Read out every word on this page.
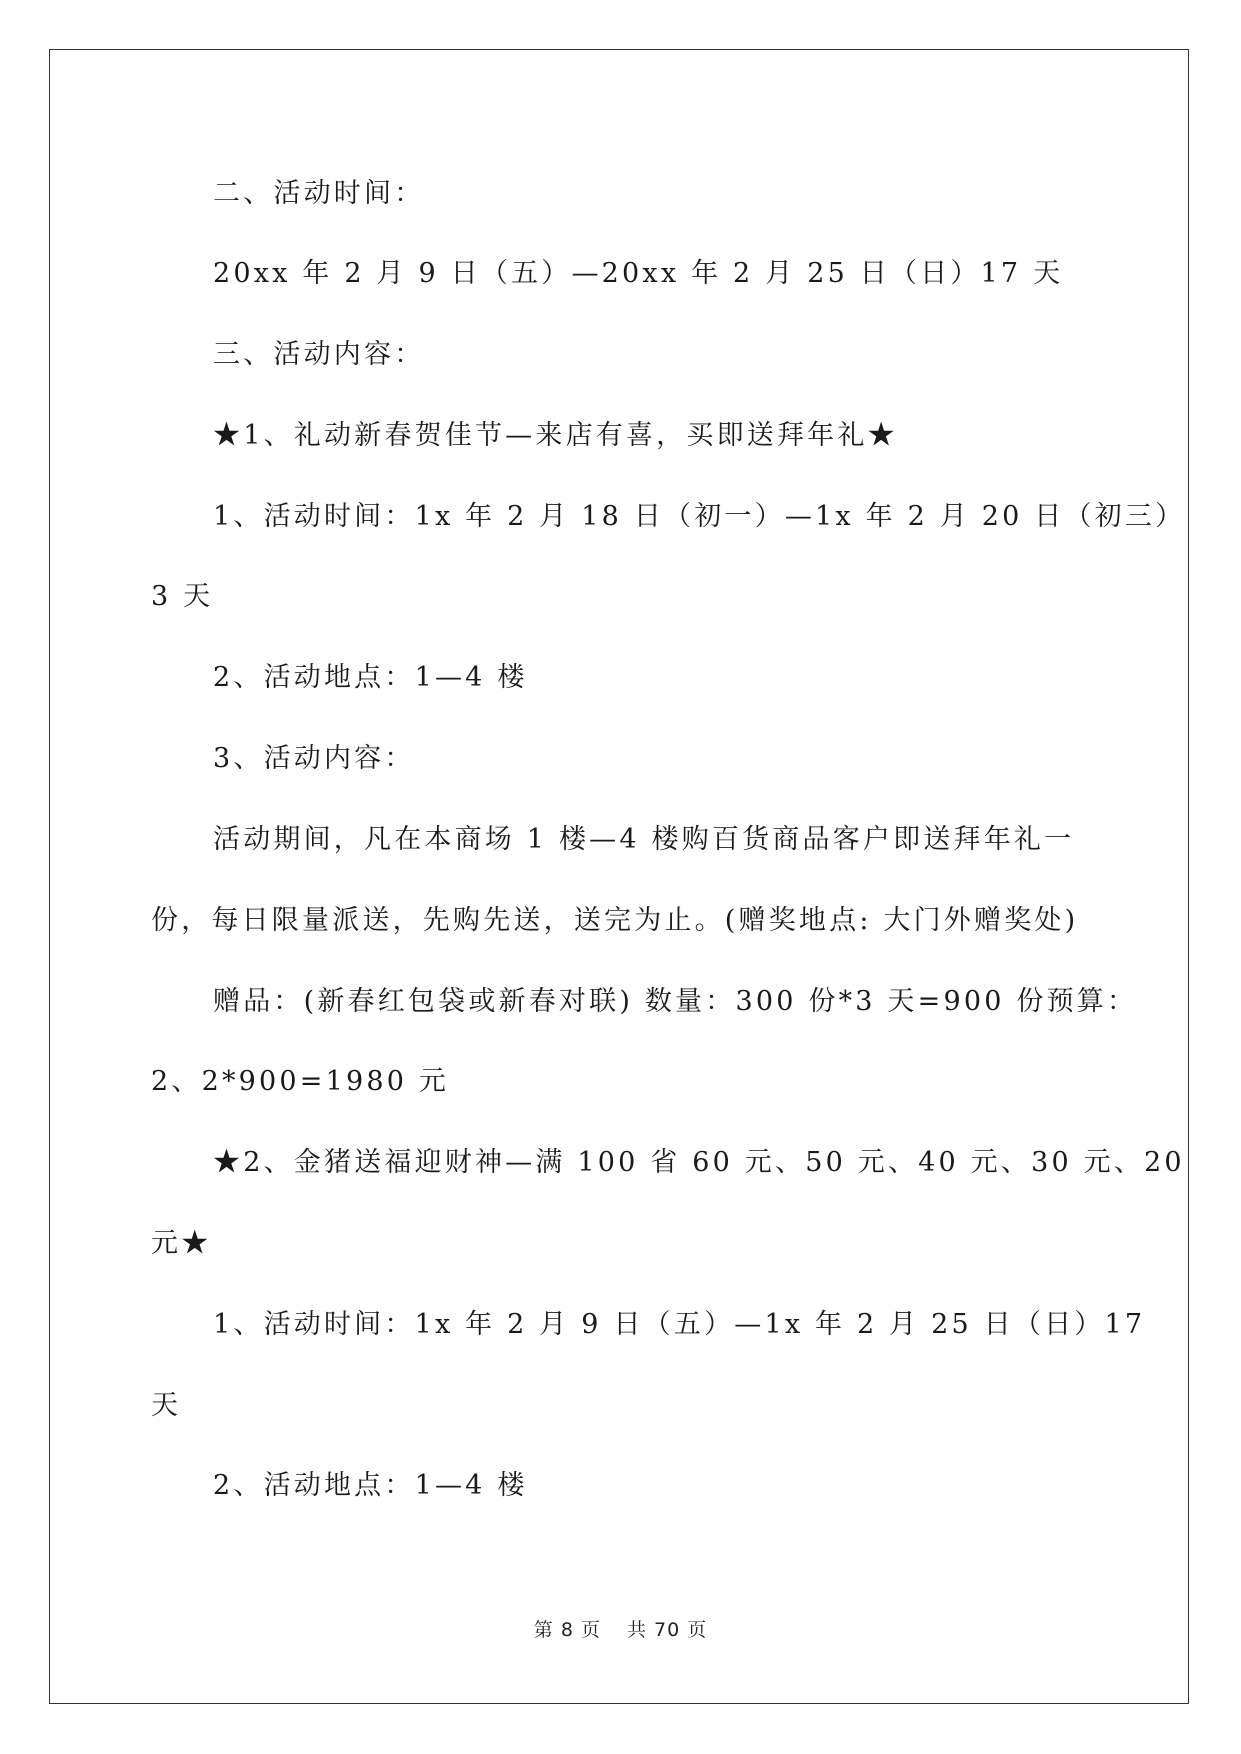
二、活动时间：
20xx 年 2 月 9 日（五）—20xx 年 2 月 25 日（日）17 天
三、活动内容：
★1、礼动新春贺佳节—来店有喜，买即送拜年礼★
1、活动时间：1x 年 2 月 18 日（初一）—1x 年 2 月 20 日（初三）
3 天
2、活动地点：1—4 楼
3、活动内容：
活动期间，凡在本商场 1 楼—4 楼购百货商品客户即送拜年礼一
份，每日限量派送，先购先送，送完为止。(赠奖地点: 大门外赠奖处)
赠品：(新春红包袋或新春对联) 数量：300 份*3 天=900 份预算：
2、2*900=1980 元
★2、金猪送福迎财神—满 100 省 60 元、50 元、40 元、30 元、20
元★
1、活动时间：1x 年 2 月 9 日（五）—1x 年 2 月 25 日（日）17
天
2、活动地点：1—4 楼
第 8 页 共 70 页
